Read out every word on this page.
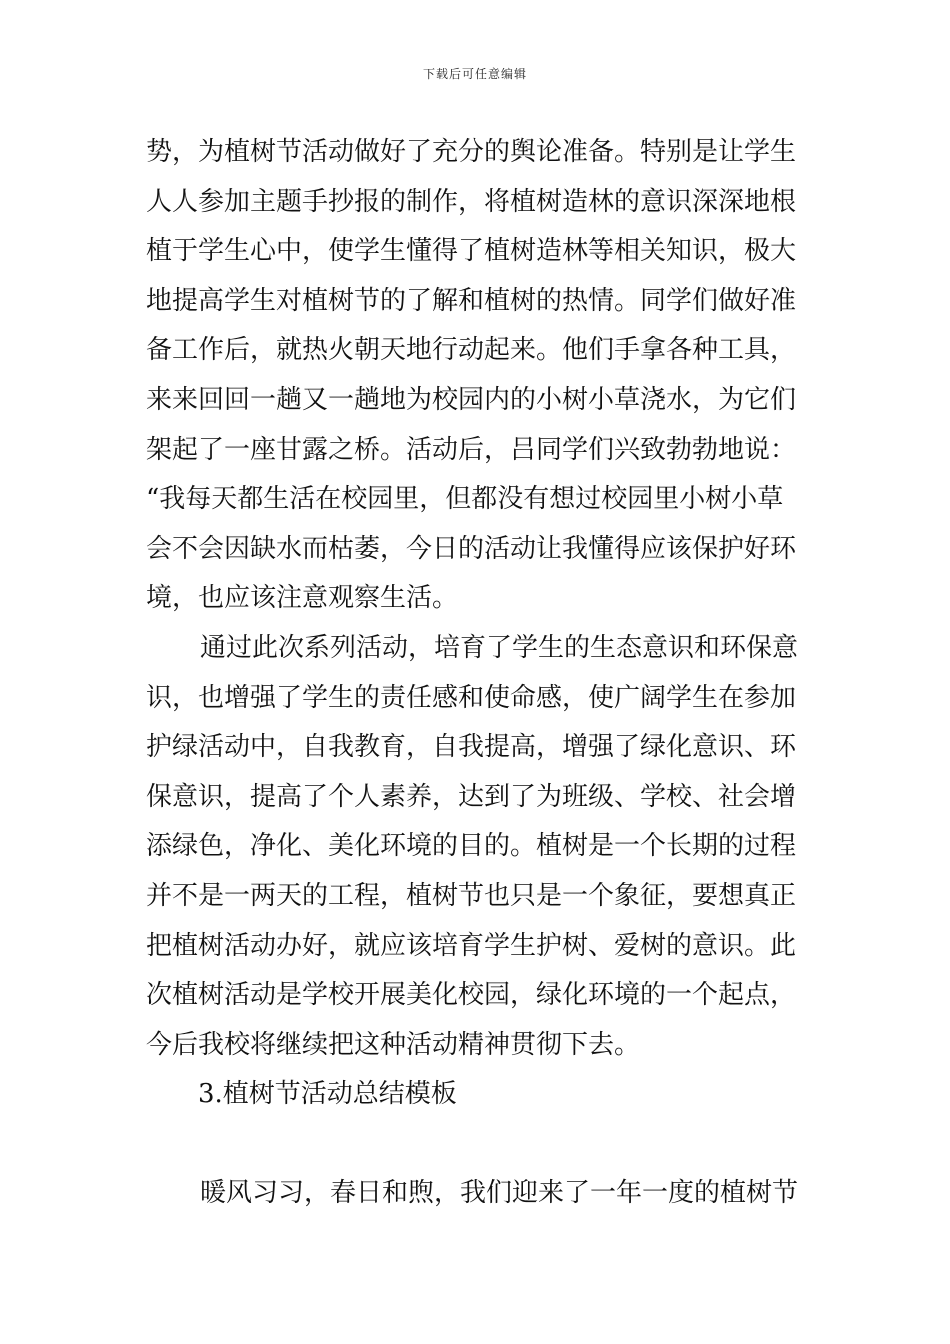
下载后可任意编辑
势，为植树节活动做好了充分的舆论准备。特别是让学生
人人参加主题手抄报的制作，将植树造林的意识深深地根
植于学生心中，使学生懂得了植树造林等相关知识，极大
地提高学生对植树节的了解和植树的热情。同学们做好准
备工作后，就热火朝天地行动起来。他们手拿各种工具，
来来回回一趟又一趟地为校园内的小树小草浇水，为它们
架起了一座甘露之桥。活动后，吕同学们兴致勃勃地说：
“我每天都生活在校园里，但都没有想过校园里小树小草
会不会因缺水而枯萎，今日的活动让我懂得应该保护好环
境，也应该注意观察生活。
通过此次系列活动，培育了学生的生态意识和环保意
识，也增强了学生的责任感和使命感，使广阔学生在参加
护绿活动中，自我教育，自我提高，增强了绿化意识、环
保意识，提高了个人素养，达到了为班级、学校、社会增
添绿色，净化、美化环境的目的。植树是一个长期的过程
并不是一两天的工程，植树节也只是一个象征，要想真正
把植树活动办好，就应该培育学生护树、爱树的意识。此
次植树活动是学校开展美化校园，绿化环境的一个起点，
今后我校将继续把这种活动精神贯彻下去。
3.植树节活动总结模板
暖风习习，春日和煦，我们迎来了一年一度的植树节
